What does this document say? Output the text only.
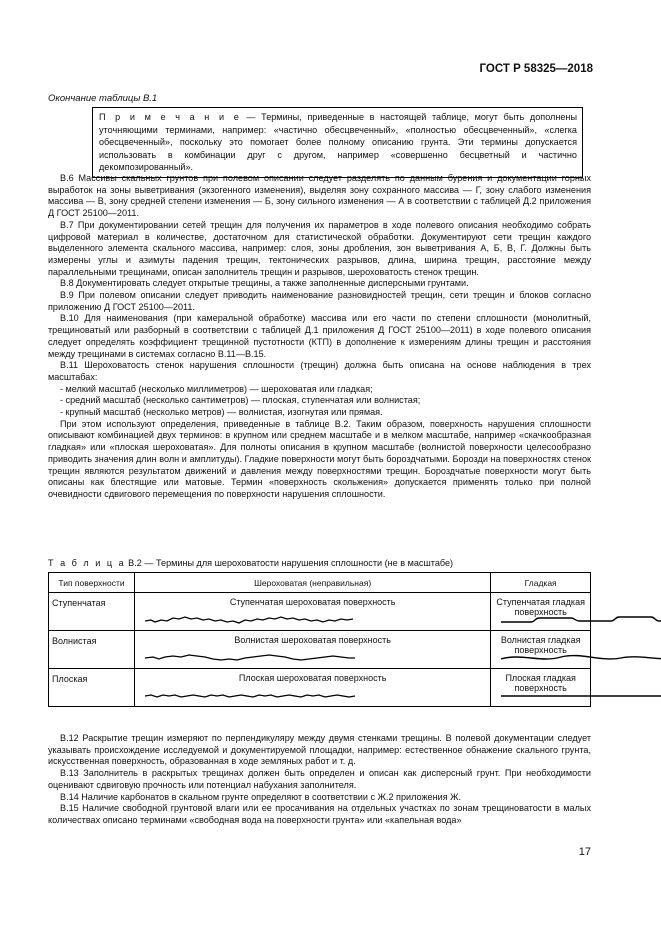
ГОСТ Р 58325—2018
Окончание таблицы В.1
П р и м е ч а н и е — Термины, приведенные в настоящей таблице, могут быть дополнены уточняющими терминами, например: «частично обесцвеченный», «полностью обесцвеченный», «слегка обесцвеченный», поскольку это помогает более полному описанию грунта. Эти термины допускается использовать в комбинации друг с другом, например «совершенно бесцветный и частично декомпозированный».

В.6 Массивы скальных грунтов при полевом описании следует разделять по данным бурения и документации горных выработок на зоны выветривания (экзогенного изменения), выделяя зону сохранного массива — Г, зону слабого изменения массива — В, зону средней степени изменения — Б, зону сильного изменения — А в соответствии с таблицей Д.2 приложения Д ГОСТ 25100—2011.

В.7 При документировании сетей трещин для получения их параметров в ходе полевого описания необходимо собрать цифровой материал в количестве, достаточном для статистической обработки. Документируют сети трещин каждого выделенного элемента скального массива, например: слоя, зоны дробления, зон выветривания А, Б, В, Г. Должны быть измерены углы и азимуты падения трещин, тектонических разрывов, длина, ширина трещин, расстояние между параллельными трещинами, описан заполнитель трещин и разрывов, шероховатость стенок трещин.

В.8 Документировать следует открытые трещины, а также заполненные дисперсными грунтами.

В.9 При полевом описании следует приводить наименование разновидностей трещин, сети трещин и блоков согласно приложению Д ГОСТ 25100—2011.

В.10 Для наименования (при камеральной обработке) массива или его части по степени сплошности (монолитный, трещиноватый или разборный в соответствии с таблицей Д.1 приложения Д ГОСТ 25100—2011) в ходе полевого описания следует определять коэффициент трещинной пустотности (КТП) в дополнение к измерениям длины трещин и расстояния между трещинами в системах согласно В.11—В.15.

В.11 Шероховатость стенок нарушения сплошности (трещин) должна быть описана на основе наблюдения в трех масштабах:

- мелкий масштаб (несколько миллиметров) — шероховатая или гладкая;

- средний масштаб (несколько сантиметров) — плоская, ступенчатая или волнистая;

- крупный масштаб (несколько метров) — волнистая, изогнутая или прямая.

При этом используют определения, приведенные в таблице В.2. Таким образом, поверхность нарушения сплошности описывают комбинацией двух терминов: в крупном или среднем масштабе и в мелком масштабе, например «скачкообразная гладкая» или «плоская шероховатая». Для полноты описания в крупном масштабе (волнистой поверхности целесообразно приводить значения длин волн и амплитуды). Гладкие поверхности могут быть бороздчатыми. Борозди на поверхностях стенок трещин являются результатом движений и давления между поверхностями трещин. Бороздчатые поверхности могут быть описаны как блестящие или матовые. Термин «поверхность скольжения» допускается применять только при полной очевидности сдвигового перемещения по поверхности нарушения сплошности.

Т а б л и ц а В.2 — Термины для шероховатости нарушения сплошности (не в масштабе)
Тип поверхности	Шероховатая (неправильная)	Гладкая
Ступенчатая	Ступенчатая шероховатая поверхность	Ступенчатая гладкая поверхность

Волнистая	Волнистая шероховатая поверхность	Волнистая гладкая поверхность

Плоская	Плоская шероховатая поверхность	Плоская гладкая поверхность

В.12 Раскрытие трещин измеряют по перпендикуляру между двумя стенками трещины. В полевой документации следует указывать происхождение исследуемой и документируемой площадки, например: естественное обнажение скального грунта, искусственная поверхность, образованная в ходе земляных работ и т. д.

В.13 Заполнитель в раскрытых трещинах должен быть определен и описан как дисперсный грунт. При необходимости оценивают сдвиговую прочность или потенциал набухания заполнителя.

В.14 Наличие карбонатов в скальном грунте определяют в соответствии с Ж.2 приложения Ж.

В.15 Наличие свободной грунтовой влаги или ее просачивания на отдельных участках по зонам трещиноватости в малых количествах описано терминами «свободная вода на поверхности грунта» или «капельная вода»

17
